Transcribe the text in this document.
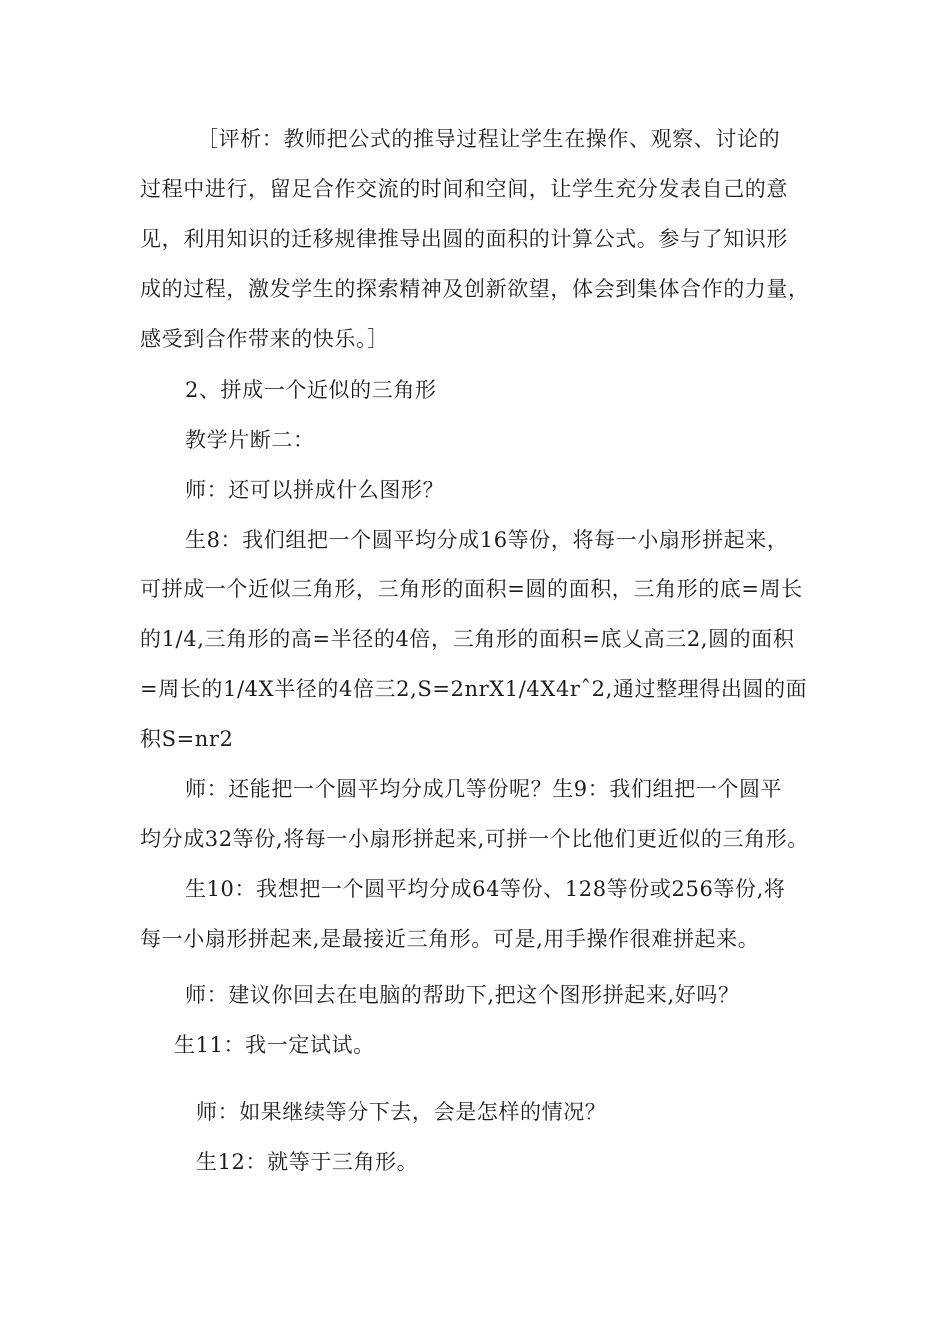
［评析：教师把公式的推导过程让学生在操作、观察、讨论的
过程中进行，留足合作交流的时间和空间，让学生充分发表自己的意
见，利用知识的迁移规律推导出圆的面积的计算公式。参与了知识形
成的过程，激发学生的探索精神及创新欲望，体会到集体合作的力量，
感受到合作带来的快乐。］
2、拼成一个近似的三角形
教学片断二：
师：还可以拼成什么图形？
生8：我们组把一个圆平均分成16等份，将每一小扇形拼起来，
可拼成一个近似三角形，三角形的面积=圆的面积，三角形的底=周长
的1/4,三角形的高=半径的4倍，三角形的面积=底乂高三2,圆的面积
=周长的1/4X半径的4倍三2,S=2nrX1/4X4rˆ2,通过整理得出圆的面
积S=nr2
师：还能把一个圆平均分成几等份呢？生9：我们组把一个圆平
均分成32等份,将每一小扇形拼起来,可拼一个比他们更近似的三角形。
生10：我想把一个圆平均分成64等份、128等份或256等份,将
每一小扇形拼起来,是最接近三角形。可是,用手操作很难拼起来。
师：建议你回去在电脑的帮助下,把这个图形拼起来,好吗？
生11：我一定试试。
师：如果继续等分下去，会是怎样的情况？
生12：就等于三角形。
